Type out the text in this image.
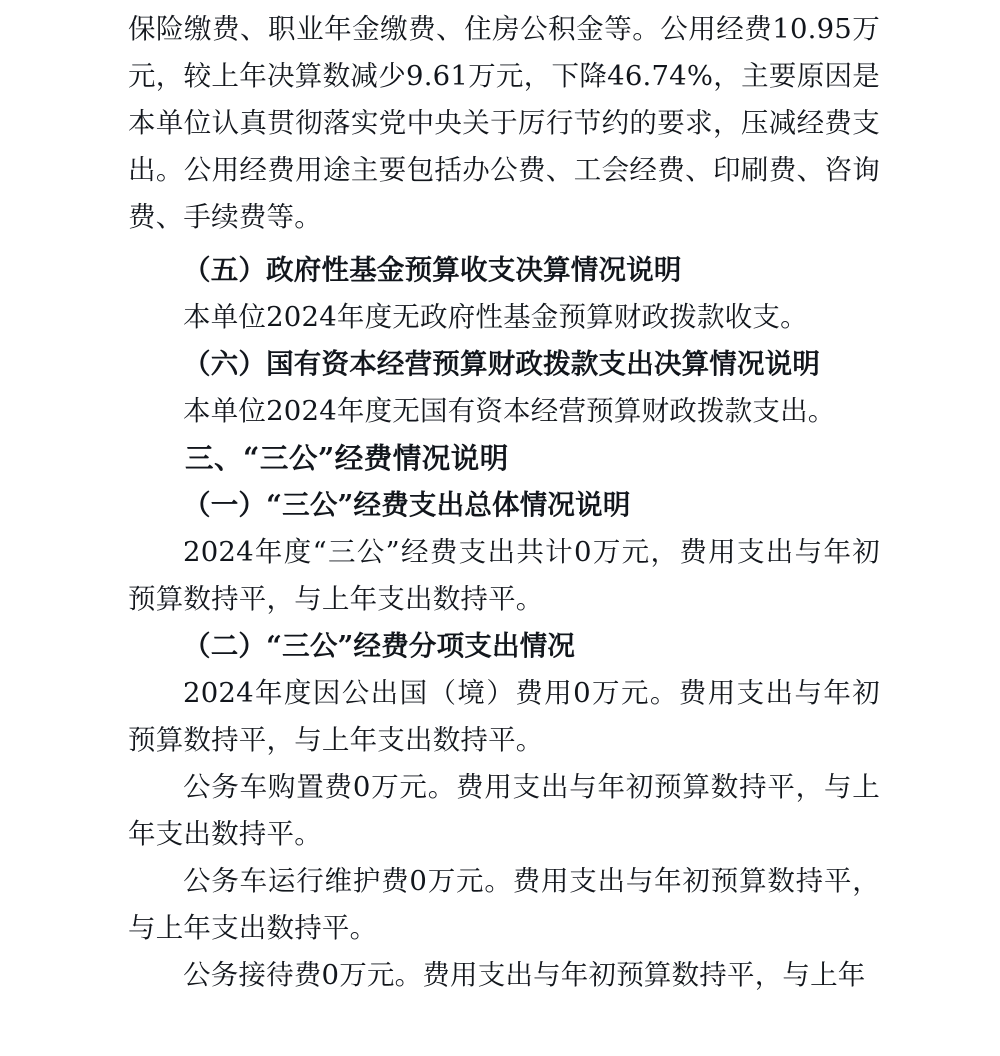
保险缴费、职业年金缴费、住房公积金等。公用经费10.95万元，较上年决算数减少9.61万元，下降46.74%，主要原因是本单位认真贯彻落实党中央关于厉行节约的要求，压减经费支出。公用经费用途主要包括办公费、工会经费、印刷费、咨询费、手续费等。

（五）政府性基金预算收支决算情况说明

本单位2024年度无政府性基金预算财政拨款收支。

（六）国有资本经营预算财政拨款支出决算情况说明

本单位2024年度无国有资本经营预算财政拨款支出。

三、“三公”经费情况说明

（一）“三公”经费支出总体情况说明

2024年度“三公”经费支出共计0万元，费用支出与年初预算数持平，与上年支出数持平。

（二）“三公”经费分项支出情况

2024年度因公出国（境）费用0万元。费用支出与年初预算数持平，与上年支出数持平。

公务车购置费0万元。费用支出与年初预算数持平，与上年支出数持平。

公务车运行维护费0万元。费用支出与年初预算数持平，与上年支出数持平。

公务接待费0万元。费用支出与年初预算数持平，与上年
